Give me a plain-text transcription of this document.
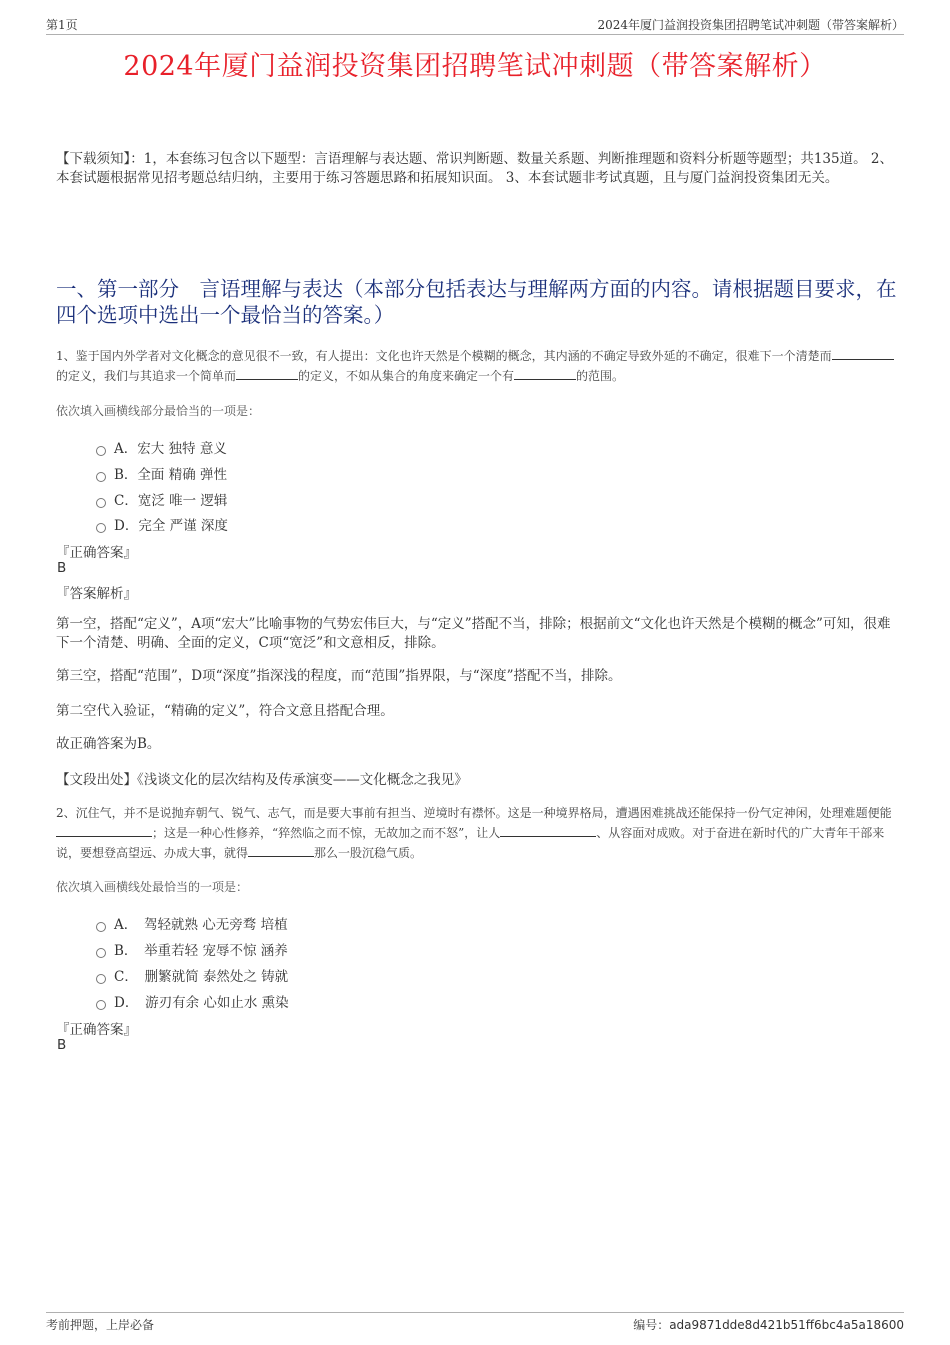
第1页	2024年厦门益润投资集团招聘笔试冲刺题（带答案解析）
2024年厦门益润投资集团招聘笔试冲刺题（带答案解析）
【下载须知】：1，本套练习包含以下题型：言语理解与表达题、常识判断题、数量关系题、判断推理题和资料分析题等题型；共135道。 2、本套试题根据常见招考题总结归纳，主要用于练习答题思路和拓展知识面。 3、本套试题非考试真题，且与厦门益润投资集团无关。
一、第一部分　言语理解与表达（本部分包括表达与理解两方面的内容。请根据题目要求，在四个选项中选出一个最恰当的答案。）
1、鉴于国内外学者对文化概念的意见很不一致，有人提出：文化也许天然是个模糊的概念，其内涵的不确定导致外延的不确定，很难下一个清楚而的定义，我们与其追求一个简单而	的定义，不如从集合的角度来确定一个有	的范围。
依次填入画横线部分最恰当的一项是：
A．宏大 独特 意义
B．全面 精确 弹性
C．宽泛 唯一 逻辑
D．完全 严谨 深度
『正确答案』
B
『答案解析』
第一空，搭配“定义”，A项“宏大”比喻事物的气势宏伟巨大，与“定义”搭配不当，排除；根据前文“文化也许天然是个模糊的概念”可知，很难下一个清楚、明确、全面的定义，C项“宽泛”和文意相反，排除。
第三空，搭配“范围”，D项“深度”指深浅的程度，而“范围”指界限，与“深度”搭配不当，排除。
第二空代入验证，“精确的定义”，符合文意且搭配合理。
故正确答案为B。
【文段出处】《浅谈文化的层次结构及传承演变——文化概念之我见》
2、沉住气，并不是说抛弃朝气、锐气、志气，而是要大事前有担当、逆境时有襟怀。这是一种境界格局，遭遇困难挑战还能保持一份气定神闲，处理难题便能；这是一种心性修养，“猝然临之而不惊，无故加之而不怒”，让人	、从容面对成败。对于奋进在新时代的广大青年干部来说，要想登高望远、办成大事，就得	那么一股沉稳气质。
依次填入画横线处最恰当的一项是：
A．　驾轻就熟 心无旁骛 培植
B．　举重若轻 宠辱不惊 涵养
C．　删繁就简 泰然处之 铸就
D．　游刃有余 心如止水 熏染
『正确答案』
B
考前押题，上岸必备	编号：ada9871dde8d421b51ff6bc4a5a18600
